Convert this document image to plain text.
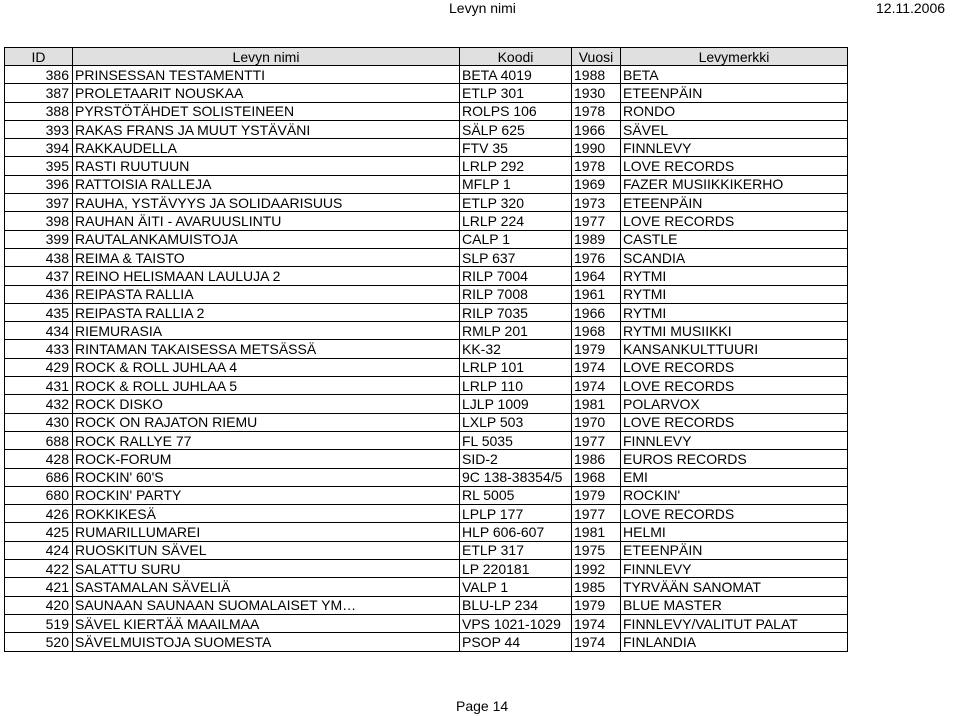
Levyn nimi	12.11.2006
ID	Levyn nimi	Koodi	Vuosi	Levymerkki
386	PRINSESSAN TESTAMENTTI	BETA 4019	1988	BETA
387	PROLETAARIT NOUSKAA	ETLP 301	1930	ETEENPÄIN
388	PYRSTÖTÄHDET SOLISTEINEEN	ROLPS 106	1978	RONDO
393	RAKAS FRANS JA MUUT YSTÄVÄNI	SÄLP 625	1966	SÄVEL
394	RAKKAUDELLA	FTV 35	1990	FINNLEVY
395	RASTI RUUTUUN	LRLP 292	1978	LOVE RECORDS
396	RATTOISIA RALLEJA	MFLP 1	1969	FAZER MUSIIKKIKERHO
397	RAUHA, YSTÄVYYS JA SOLIDAARISUUS	ETLP 320	1973	ETEENPÄIN
398	RAUHAN ÄITI - AVARUUSLINTU	LRLP 224	1977	LOVE RECORDS
399	RAUTALANKAMUISTOJA	CALP 1	1989	CASTLE
438	REIMA & TAISTO	SLP 637	1976	SCANDIA
437	REINO HELISMAAN LAULUJA 2	RILP 7004	1964	RYTMI
436	REIPASTA RALLIA	RILP 7008	1961	RYTMI
435	REIPASTA RALLIA 2	RILP 7035	1966	RYTMI
434	RIEMURASIA	RMLP 201	1968	RYTMI MUSIIKKI
433	RINTAMAN TAKAISESSA METSÄSSÄ	KK-32	1979	KANSANKULTTUURI
429	ROCK & ROLL JUHLAA 4	LRLP 101	1974	LOVE RECORDS
431	ROCK & ROLL JUHLAA 5	LRLP 110	1974	LOVE RECORDS
432	ROCK DISKO	LJLP 1009	1981	POLARVOX
430	ROCK ON RAJATON RIEMU	LXLP 503	1970	LOVE RECORDS
688	ROCK RALLYE 77	FL 5035	1977	FINNLEVY
428	ROCK-FORUM	SID-2	1986	EUROS RECORDS
686	ROCKIN' 60'S	9C 138-38354/5	1968	EMI
680	ROCKIN' PARTY	RL 5005	1979	ROCKIN'
426	ROKKIKESÄ	LPLP 177	1977	LOVE RECORDS
425	RUMARILLUMAREI	HLP 606-607	1981	HELMI
424	RUOSKITUN SÄVEL	ETLP 317	1975	ETEENPÄIN
422	SALATTU SURU	LP 220181	1992	FINNLEVY
421	SASTAMALAN SÄVELIÄ	VALP 1	1985	TYRVÄÄN SANOMAT
420	SAUNAAN SAUNAAN SUOMALAISET YM…	BLU-LP 234	1979	BLUE MASTER
519	SÄVEL KIERTÄÄ MAAILMAA	VPS 1021-1029	1974	FINNLEVY/VALITUT PALAT
520	SÄVELMUISTOJA SUOMESTA	PSOP 44	1974	FINLANDIA
Page 14
